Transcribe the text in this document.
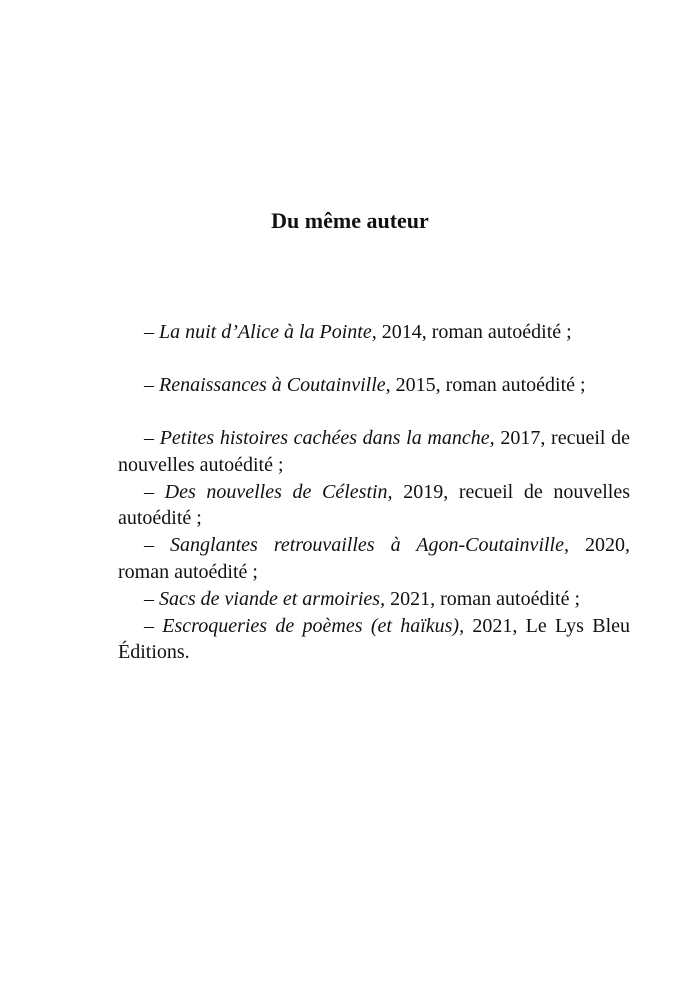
Du même auteur

– La nuit d’Alice à la Pointe, 2014, roman autoédité ;

– Renaissances à Coutainville, 2015, roman autoédité ;

– Petites histoires cachées dans la manche, 2017, recueil de nouvelles autoédité ;

– Des nouvelles de Célestin, 2019, recueil de nouvelles autoédité ;

– Sanglantes retrouvailles à Agon-Coutainville, 2020, roman autoédité ;

– Sacs de viande et armoiries, 2021, roman autoédité ;

– Escroqueries de poèmes (et haïkus), 2021, Le Lys Bleu Éditions.
